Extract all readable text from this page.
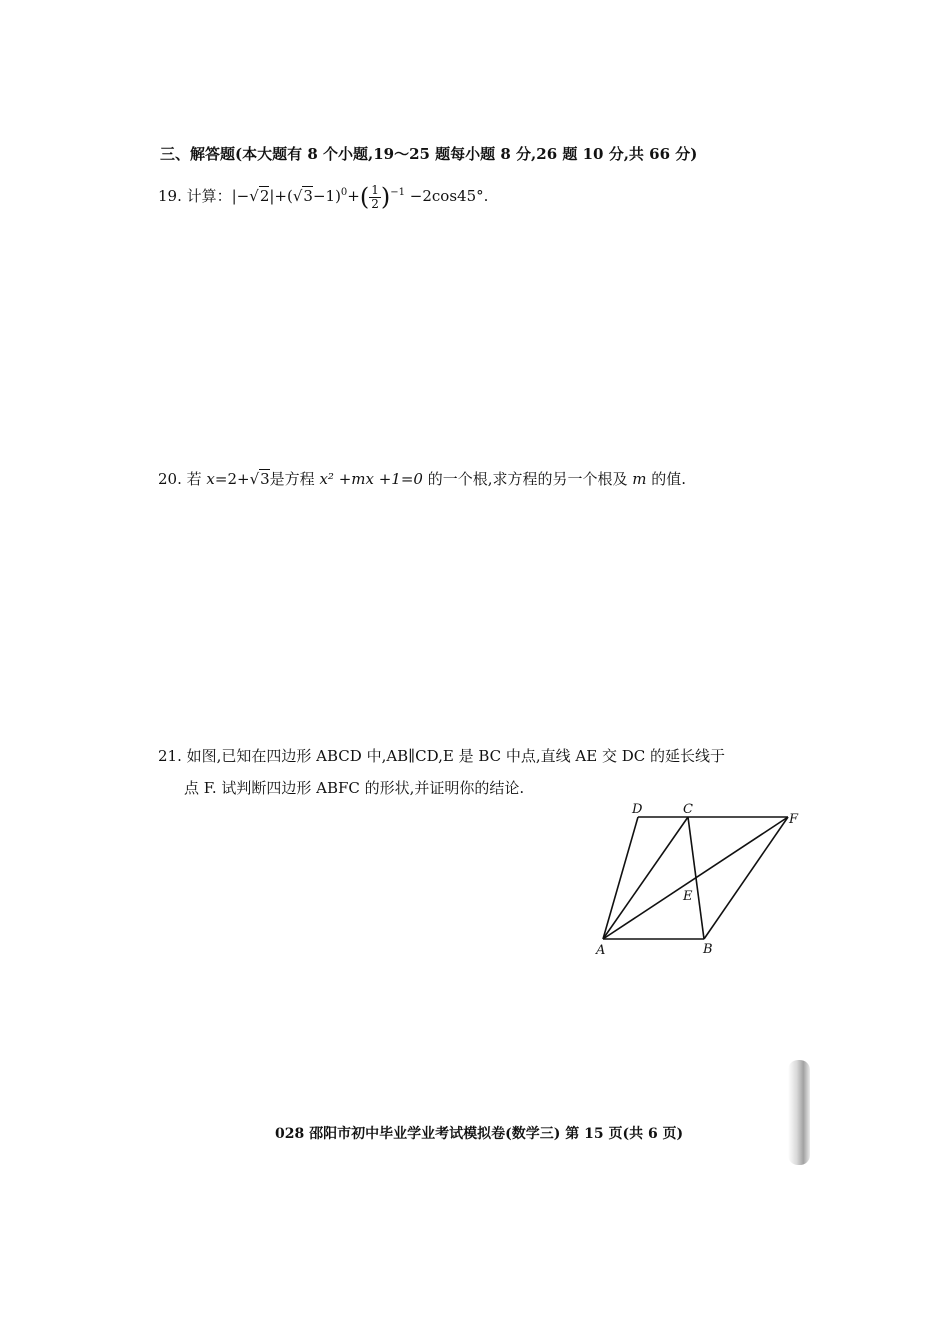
三、解答题(本大题有 8 个小题,19～25 题每小题 8 分,26 题 10 分,共 66 分)
19. 计算：$|-√2|+(√3-1)^0+( \frac{1}{2} )^{-1} -2\cos 45^\circ$.
20. 若 x=2+√3是方程 x² +mx +1=0 的一个根,求方程的另一个根及 m 的值.
21. 如图,已知在四边形 ABCD 中,AB∥CD,E 是 BC 中点,直线 AE 交 DC 的延长线于
点 F. 试判断四边形 ABFC 的形状,并证明你的结论.
D	C
F
E
A	B
028 邵阳市初中毕业学业考试模拟卷(数学三) 第 15 页(共 6 页)
